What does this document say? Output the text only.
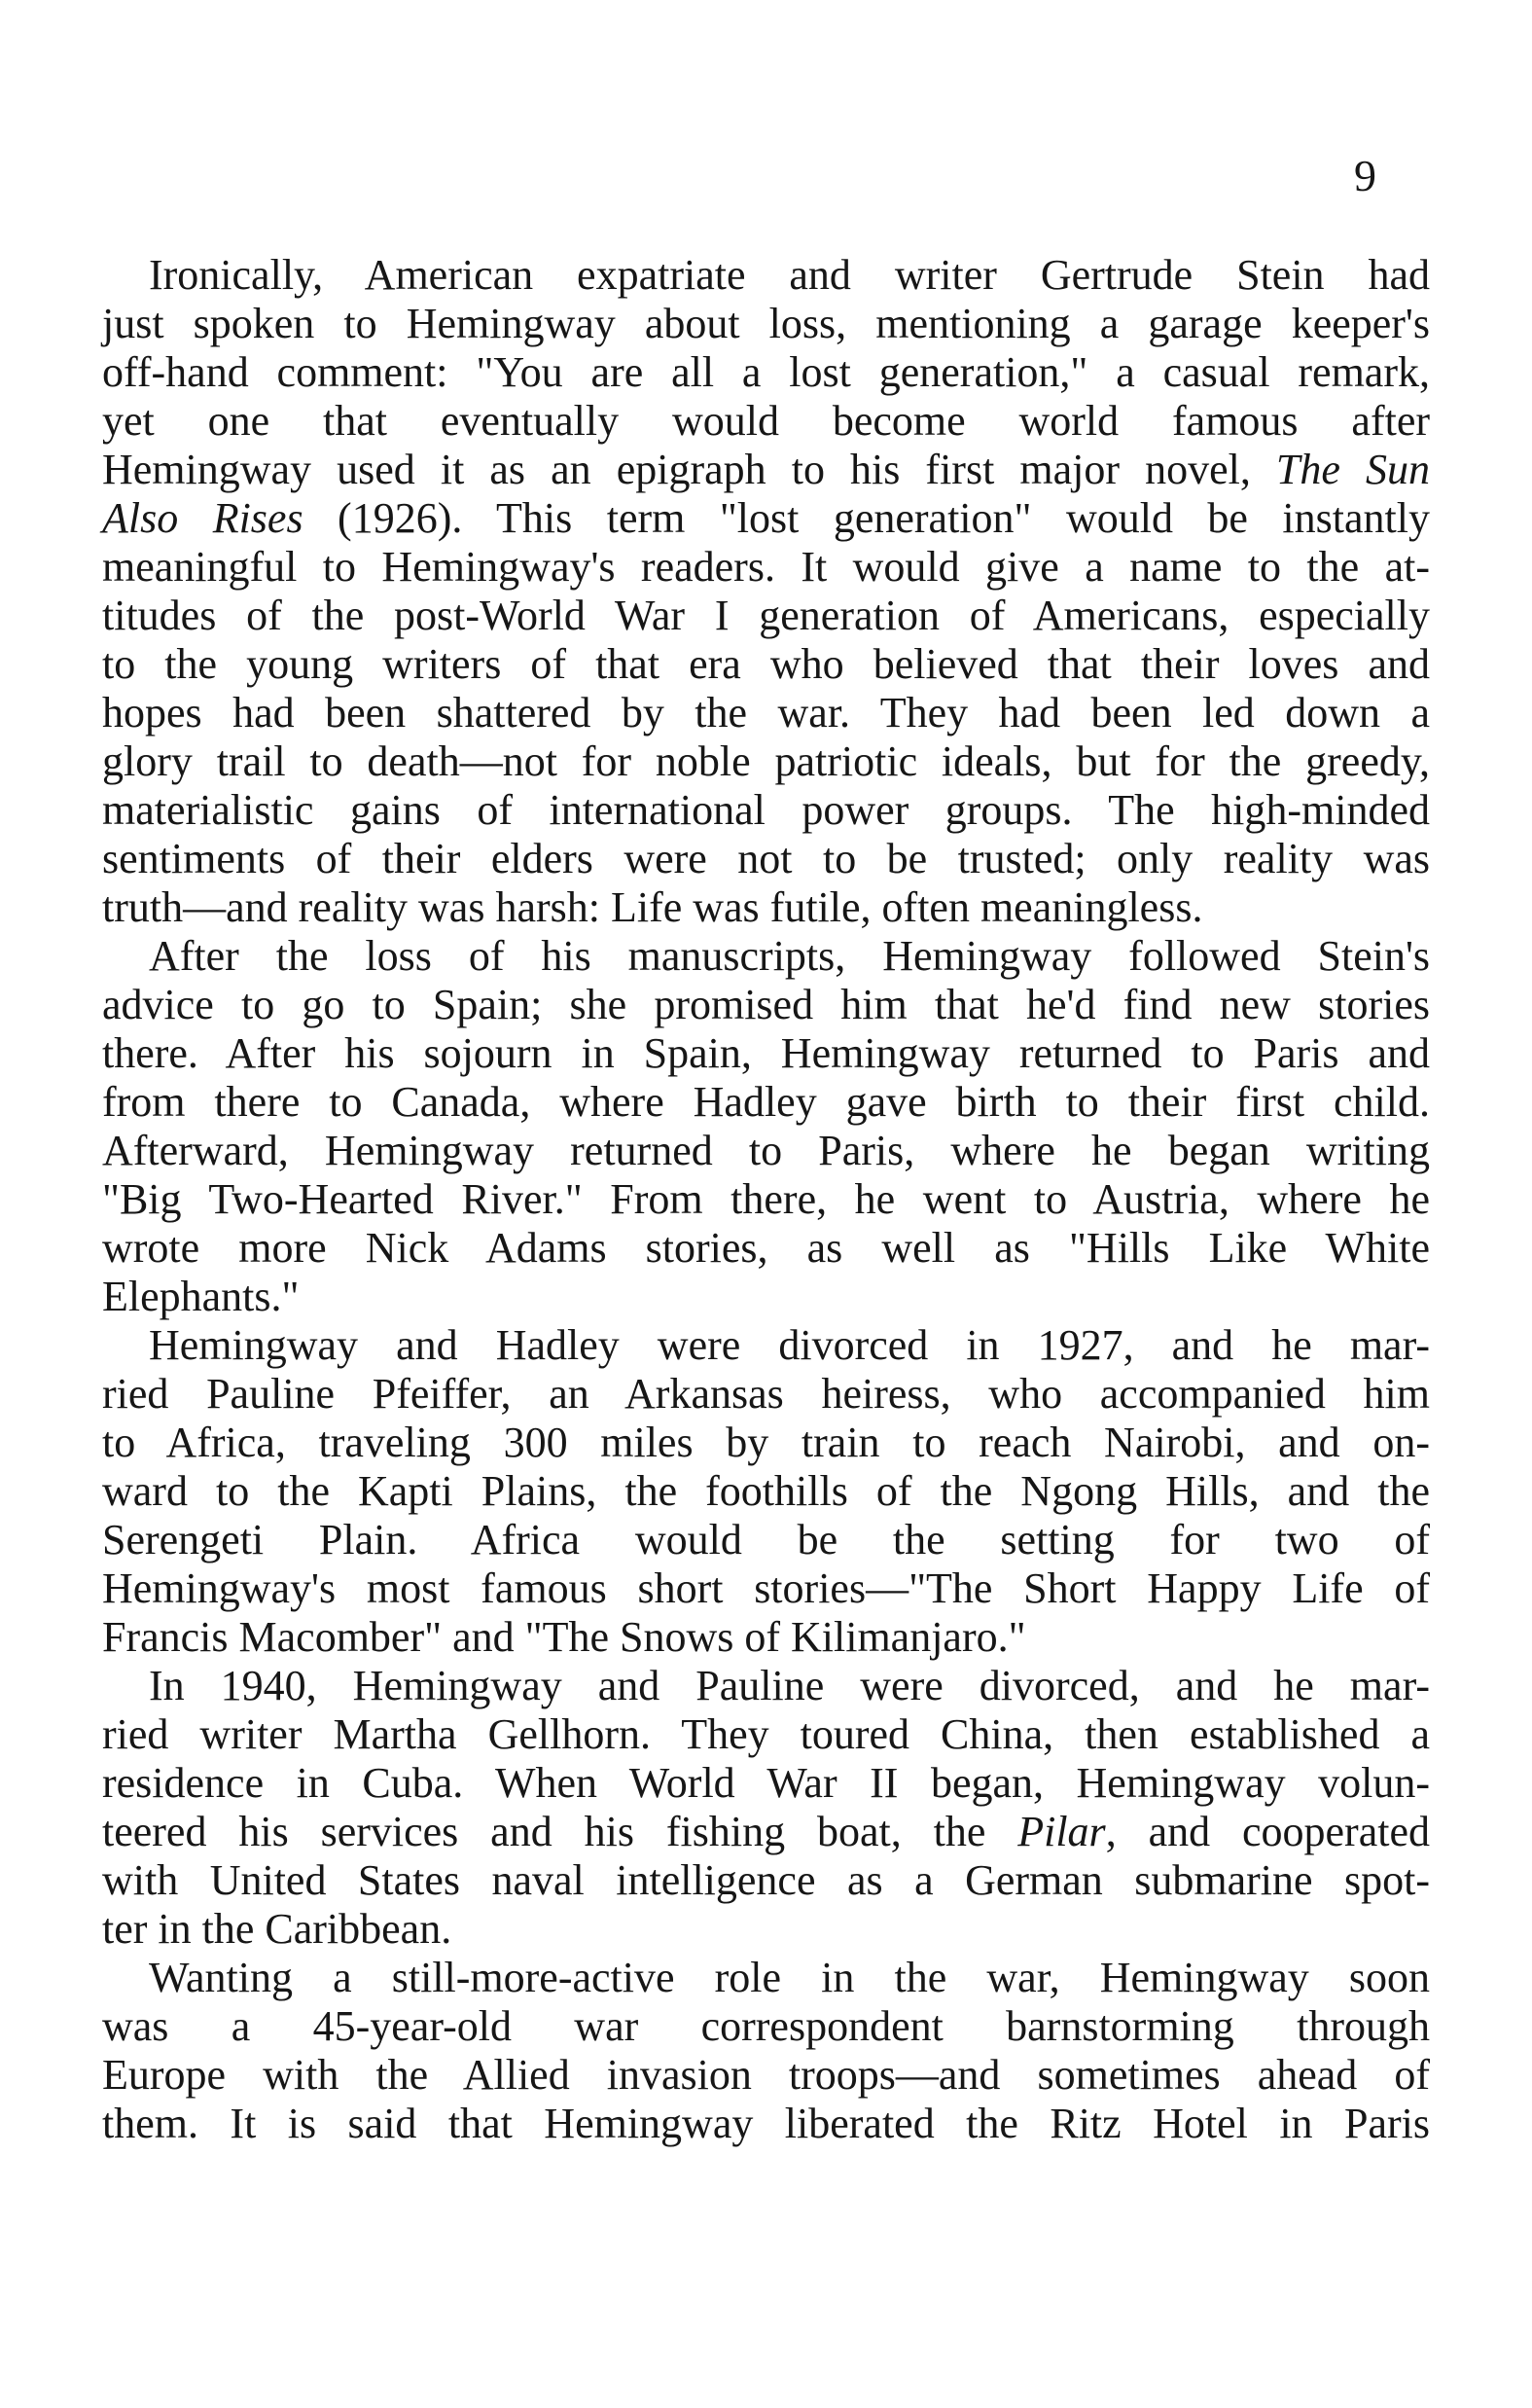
9
Ironically, American expatriate and writer Gertrude Stein had
just spoken to Hemingway about loss, mentioning a garage keeper's
off-hand comment: "You are all a lost generation," a casual remark,
yet one that eventually would become world famous after
Hemingway used it as an epigraph to his first major novel, The Sun
Also Rises (1926). This term "lost generation" would be instantly
meaningful to Hemingway's readers. It would give a name to the at-
titudes of the post-World War I generation of Americans, especially
to the young writers of that era who believed that their loves and
hopes had been shattered by the war. They had been led down a
glory trail to death—not for noble patriotic ideals, but for the greedy,
materialistic gains of international power groups. The high-minded
sentiments of their elders were not to be trusted; only reality was
truth—and reality was harsh: Life was futile, often meaningless.
After the loss of his manuscripts, Hemingway followed Stein's
advice to go to Spain; she promised him that he'd find new stories
there. After his sojourn in Spain, Hemingway returned to Paris and
from there to Canada, where Hadley gave birth to their first child.
Afterward, Hemingway returned to Paris, where he began writing
"Big Two-Hearted River." From there, he went to Austria, where he
wrote more Nick Adams stories, as well as "Hills Like White
Elephants."
Hemingway and Hadley were divorced in 1927, and he mar-
ried Pauline Pfeiffer, an Arkansas heiress, who accompanied him
to Africa, traveling 300 miles by train to reach Nairobi, and on-
ward to the Kapti Plains, the foothills of the Ngong Hills, and the
Serengeti Plain. Africa would be the setting for two of
Hemingway's most famous short stories—"The Short Happy Life of
Francis Macomber" and "The Snows of Kilimanjaro."
In 1940, Hemingway and Pauline were divorced, and he mar-
ried writer Martha Gellhorn. They toured China, then established a
residence in Cuba. When World War II began, Hemingway volun-
teered his services and his fishing boat, the Pilar, and cooperated
with United States naval intelligence as a German submarine spot-
ter in the Caribbean.
Wanting a still-more-active role in the war, Hemingway soon
was a 45-year-old war correspondent barnstorming through
Europe with the Allied invasion troops—and sometimes ahead of
them. It is said that Hemingway liberated the Ritz Hotel in Paris
